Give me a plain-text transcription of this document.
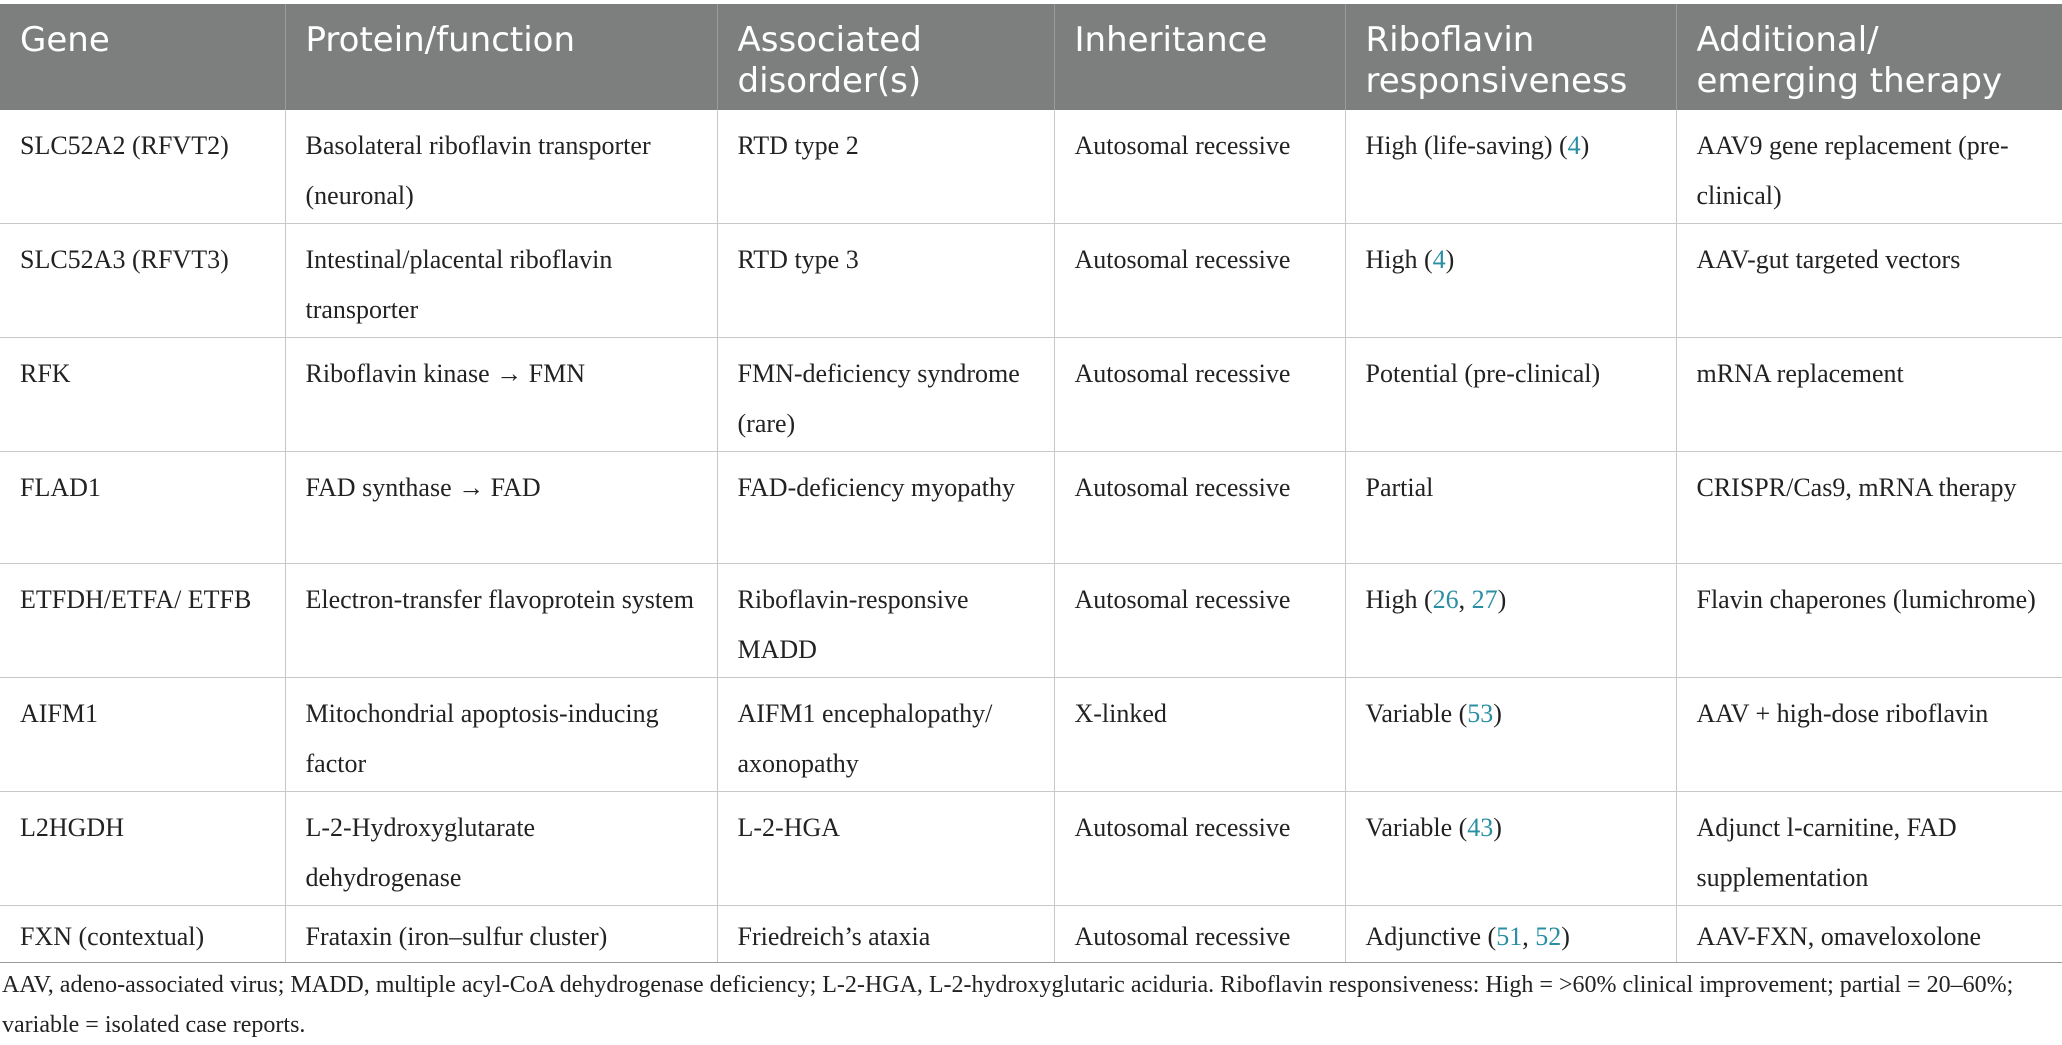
Gene	Protein/function	Associated disorder(s)	Inheritance	Riboflavin responsiveness	Additional/ emerging therapy
SLC52A2 (RFVT2)	Basolateral riboflavin transporter (neuronal)	RTD type 2	Autosomal recessive	High (life-saving) (4)	AAV9 gene replacement (pre-clinical)
SLC52A3 (RFVT3)	Intestinal/placental riboflavin transporter	RTD type 3	Autosomal recessive	High (4)	AAV-gut targeted vectors
RFK	Riboflavin kinase → FMN	FMN-deficiency syndrome (rare)	Autosomal recessive	Potential (pre-clinical)	mRNA replacement
FLAD1	FAD synthase → FAD	FAD-deficiency myopathy	Autosomal recessive	Partial	CRISPR/Cas9, mRNA therapy
ETFDH/ETFA/ ETFB	Electron-transfer flavoprotein system	Riboflavin-responsive MADD	Autosomal recessive	High (26, 27)	Flavin chaperones (lumichrome)
AIFM1	Mitochondrial apoptosis-inducing factor	AIFM1 encephalopathy/ axonopathy	X-linked	Variable (53)	AAV + high-dose riboflavin
L2HGDH	L-2-Hydroxyglutarate dehydrogenase	L-2-HGA	Autosomal recessive	Variable (43)	Adjunct l-carnitine, FAD supplementation
FXN (contextual)	Frataxin (iron–sulfur cluster)	Friedreich’s ataxia	Autosomal recessive	Adjunctive (51, 52)	AAV-FXN, omaveloxolone
AAV, adeno-associated virus; MADD, multiple acyl-CoA dehydrogenase deficiency; L-2-HGA, L-2-hydroxyglutaric aciduria. Riboflavin responsiveness: High = >60% clinical improvement; partial = 20–60%; variable = isolated case reports.
